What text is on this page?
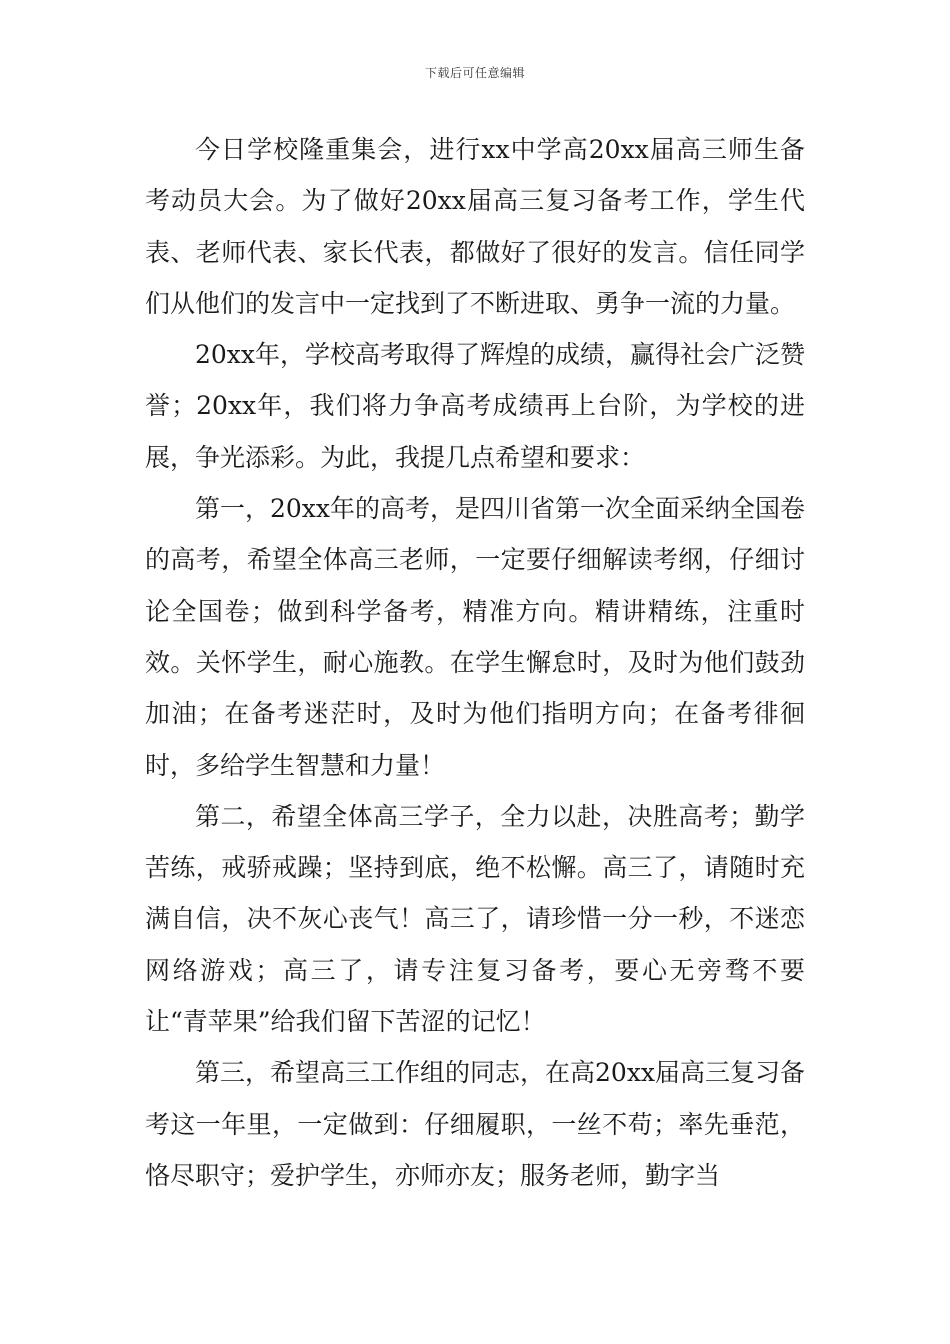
下载后可任意编辑

今日学校隆重集会，进行xx中学高20xx届高三师生备考动员大会。为了做好20xx届高三复习备考工作，学生代表、老师代表、家长代表，都做好了很好的发言。信任同学们从他们的发言中一定找到了不断进取、勇争一流的力量。

20xx年，学校高考取得了辉煌的成绩，赢得社会广泛赞誉；20xx年，我们将力争高考成绩再上台阶，为学校的进展，争光添彩。为此，我提几点希望和要求：

第一，20xx年的高考，是四川省第一次全面采纳全国卷的高考，希望全体高三老师，一定要仔细解读考纲，仔细讨论全国卷；做到科学备考，精准方向。精讲精练，注重时效。关怀学生，耐心施教。在学生懈怠时，及时为他们鼓劲加油；在备考迷茫时，及时为他们指明方向；在备考徘徊时，多给学生智慧和力量！

第二，希望全体高三学子，全力以赴，决胜高考；勤学苦练，戒骄戒躁；坚持到底，绝不松懈。高三了，请随时充满自信，决不灰心丧气！高三了，请珍惜一分一秒，不迷恋网络游戏；高三了，请专注复习备考，要心无旁骛不要让“青苹果”给我们留下苦涩的记忆！

第三，希望高三工作组的同志，在高20xx届高三复习备考这一年里，一定做到：仔细履职，一丝不苟；率先垂范，恪尽职守；爱护学生，亦师亦友；服务老师，勤字当
